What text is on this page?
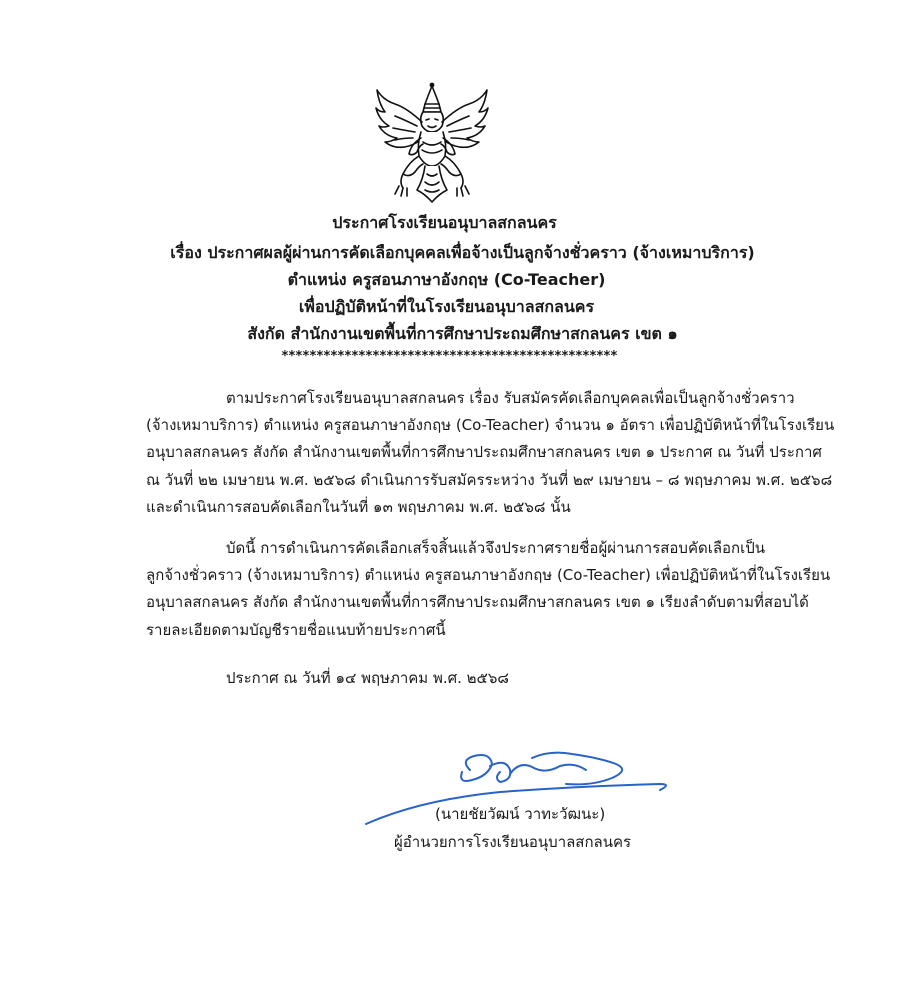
ประกาศโรงเรียนอนุบาลสกลนคร
เรื่อง ประกาศผลผู้ผ่านการคัดเลือกบุคคลเพื่อจ้างเป็นลูกจ้างชั่วคราว (จ้างเหมาบริการ)
ตำแหน่ง ครูสอนภาษาอังกฤษ (Co-Teacher)
เพื่อปฏิบัติหน้าที่ในโรงเรียนอนุบาลสกลนคร
สังกัด สำนักงานเขตพื้นที่การศึกษาประถมศึกษาสกลนคร เขต ๑
************************************************
ตามประกาศโรงเรียนอนุบาลสกลนคร เรื่อง รับสมัครคัดเลือกบุคคลเพื่อเป็นลูกจ้างชั่วคราว
(จ้างเหมาบริการ) ตำแหน่ง ครูสอนภาษาอังกฤษ (Co-Teacher) จำนวน ๑ อัตรา เพื่อปฏิบัติหน้าที่ในโรงเรียน
อนุบาลสกลนคร สังกัด สำนักงานเขตพื้นที่การศึกษาประถมศึกษาสกลนคร เขต ๑ ประกาศ ณ วันที่ ประกาศ
ณ วันที่ ๒๒ เมษายน พ.ศ. ๒๕๖๘ ดำเนินการรับสมัครระหว่าง วันที่ ๒๙ เมษายน – ๘ พฤษภาคม พ.ศ. ๒๕๖๘
และดำเนินการสอบคัดเลือกในวันที่ ๑๓ พฤษภาคม พ.ศ. ๒๕๖๘ นั้น
บัดนี้ การดำเนินการคัดเลือกเสร็จสิ้นแล้วจึงประกาศรายชื่อผู้ผ่านการสอบคัดเลือกเป็น
ลูกจ้างชั่วคราว (จ้างเหมาบริการ) ตำแหน่ง ครูสอนภาษาอังกฤษ (Co-Teacher) เพื่อปฏิบัติหน้าที่ในโรงเรียน
อนุบาลสกลนคร สังกัด สำนักงานเขตพื้นที่การศึกษาประถมศึกษาสกลนคร เขต ๑ เรียงลำดับตามที่สอบได้
รายละเอียดตามบัญชีรายชื่อแนบท้ายประกาศนี้
ประกาศ ณ วันที่ ๑๔ พฤษภาคม พ.ศ. ๒๕๖๘
(นายชัยวัฒน์ วาทะวัฒนะ)
ผู้อำนวยการโรงเรียนอนุบาลสกลนคร
